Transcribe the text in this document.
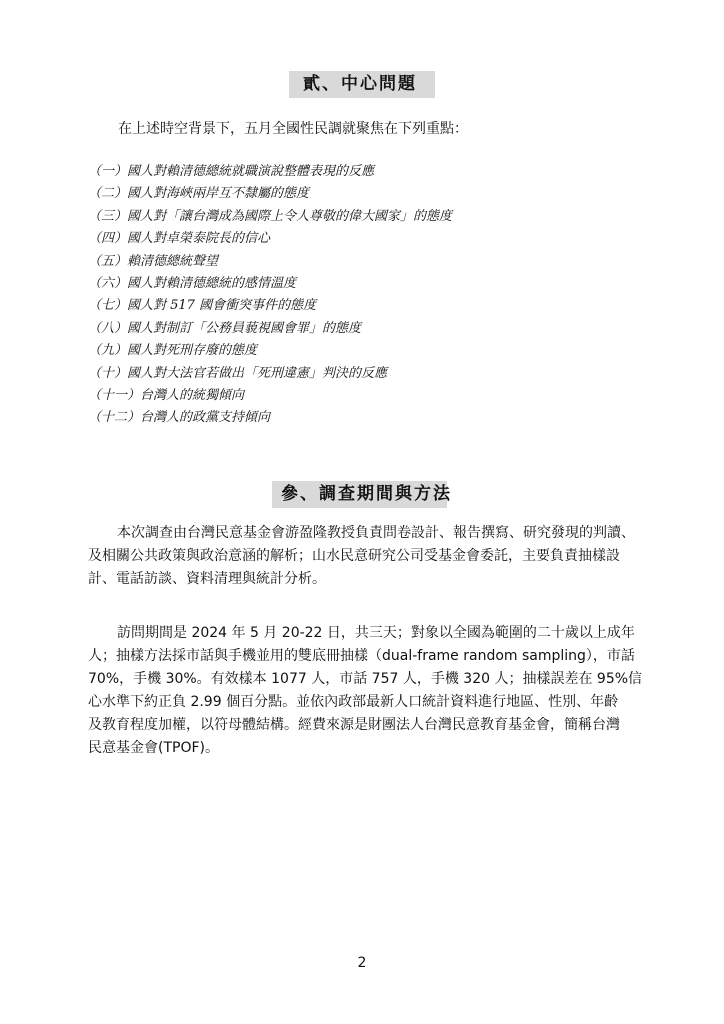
貳、中心問題
在上述時空背景下，五月全國性民調就聚焦在下列重點：
（一）國人對賴清德總統就職演說整體表現的反應
（二）國人對海峽兩岸互不隸屬的態度
（三）國人對「讓台灣成為國際上令人尊敬的偉大國家」的態度
（四）國人對卓榮泰院長的信心
（五）賴清德總統聲望
（六）國人對賴清德總統的感情溫度
（七）國人對 517 國會衝突事件的態度
（八）國人對制訂「公務員藐視國會罪」的態度
（九）國人對死刑存廢的態度
（十）國人對大法官若做出「死刑違憲」判決的反應
（十一）台灣人的統獨傾向
（十二）台灣人的政黨支持傾向
參、調查期間與方法
本次調查由台灣民意基金會游盈隆教授負責問卷設計、報告撰寫、研究發現的判讀、
及相關公共政策與政治意涵的解析；山水民意研究公司受基金會委託，主要負責抽樣設
計、電話訪談、資料清理與統計分析。
訪問期間是 2024 年 5 月 20-22 日，共三天；對象以全國為範圍的二十歲以上成年
人；抽樣方法採市話與手機並用的雙底冊抽樣（dual-frame random sampling），市話
70%，手機 30%。有效樣本 1077 人，市話 757 人，手機 320 人；抽樣誤差在 95%信
心水準下約正負 2.99 個百分點。並依內政部最新人口統計資料進行地區、性別、年齡
及教育程度加權，以符母體結構。經費來源是財團法人台灣民意教育基金會，簡稱台灣
民意基金會(TPOF)。
2
